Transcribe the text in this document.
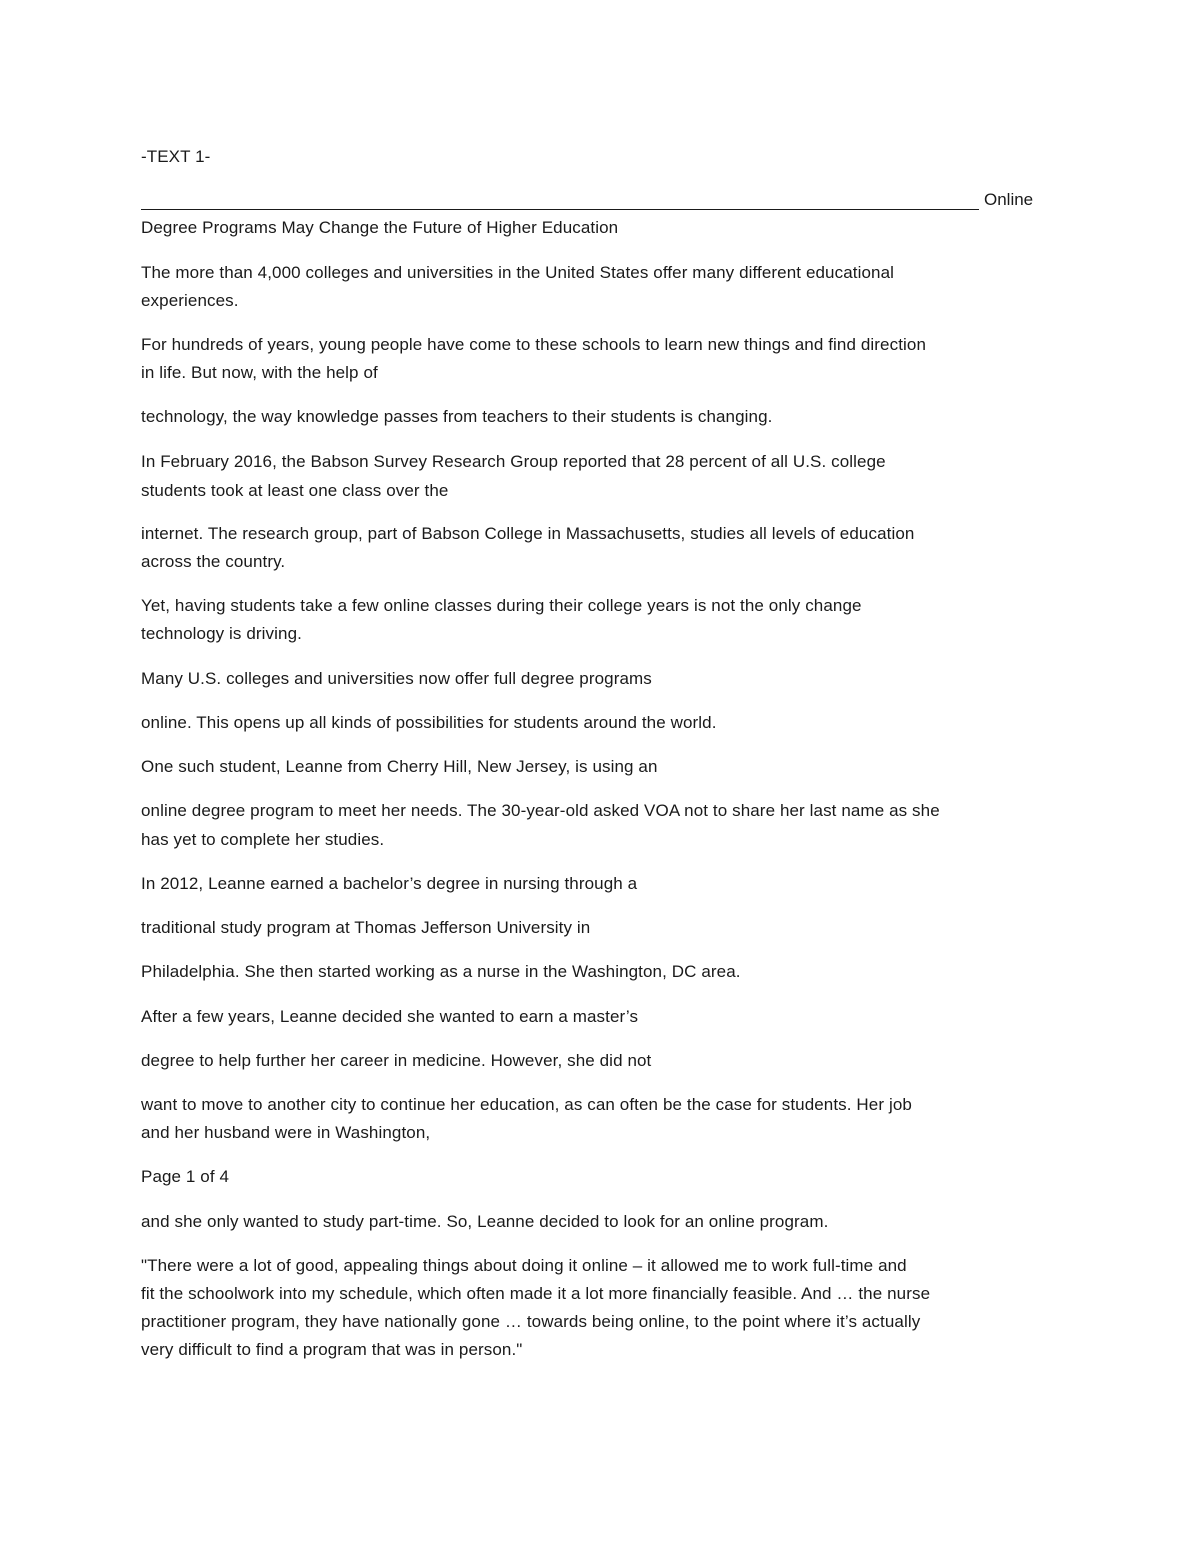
-TEXT 1-
Online
Degree Programs May Change the Future of Higher Education
The more than 4,000 colleges and universities in the United States offer many different educational
experiences.
For hundreds of years, young people have come to these schools to learn new things and find direction
in life. But now, with the help of
technology, the way knowledge passes from teachers to their students is changing.
In February 2016, the Babson Survey Research Group reported that 28 percent of all U.S. college
students took at least one class over the
internet. The research group, part of Babson College in Massachusetts, studies all levels of education
across the country.
Yet, having students take a few online classes during their college years is not the only change
technology is driving.
Many U.S. colleges and universities now offer full degree programs
online. This opens up all kinds of possibilities for students around the world.
One such student, Leanne from Cherry Hill, New Jersey, is using an
online degree program to meet her needs. The 30-year-old asked VOA not to share her last name as she
has yet to complete her studies.
In 2012, Leanne earned a bachelor’s degree in nursing through a
traditional study program at Thomas Jefferson University in
Philadelphia. She then started working as a nurse in the Washington, DC area.
After a few years, Leanne decided she wanted to earn a master’s
degree to help further her career in medicine. However, she did not
want to move to another city to continue her education, as can often be the case for students. Her job
and her husband were in Washington,
Page 1 of 4
and she only wanted to study part-time. So, Leanne decided to look for an online program.
"There were a lot of good, appealing things about doing it online – it allowed me to work full-time and
fit the schoolwork into my schedule, which often made it a lot more financially feasible. And … the nurse
practitioner program, they have nationally gone … towards being online, to the point where it’s actually
very difficult to find a program that was in person."
